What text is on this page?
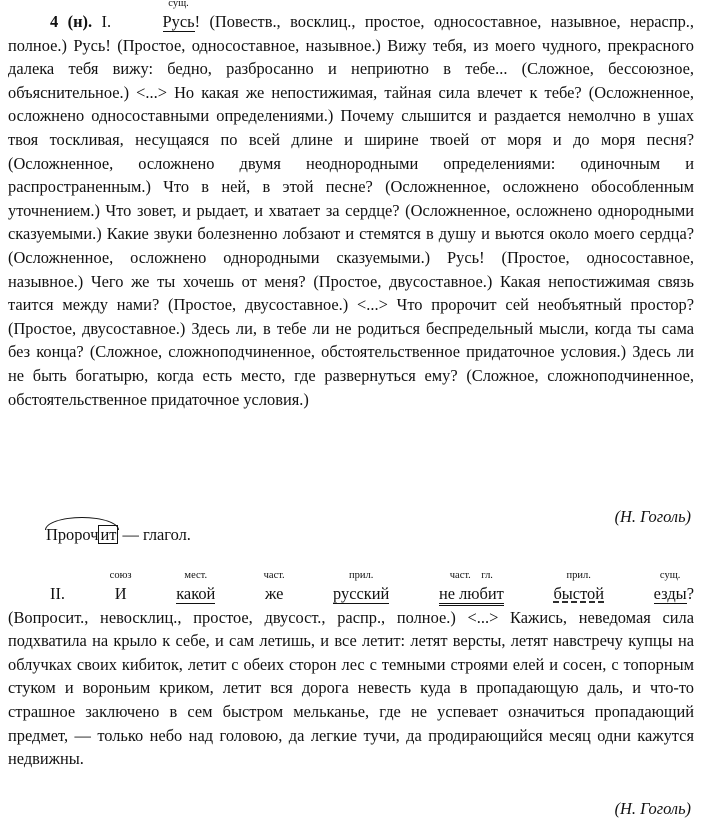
4 (н). I.
сущ.
Русь! (Повеств., восклиц., простое, односоставное, назывное, нераспр., полное.) Русь! (Простое, односоставное, назывное.) Вижу тебя, из моего чудного, прекрасного далека тебя вижу: бедно, разбросанно и неприютно в тебе... (Сложное, бессоюзное, объяснительное.) <...> Но какая же непостижимая, тайная сила влечет к тебе? (Осложненное, осложнено односоставными определениями.) Почему слышится и раздается немолчно в ушах твоя тоскливая, несущаяся по всей длине и ширине твоей от моря и до моря песня? (Осложненное, осложнено двумя неоднородными определениями: одиночным и распространенным.) Что в ней, в этой песне? (Осложненное, осложнено обособленным уточнением.) Что зовет, и рыдает, и хватает за сердце? (Осложненное, осложнено однородными сказуемыми.) Какие звуки болезненно лобзают и стемятся в душу и вьются около моего сердца? (Осложненное, осложнено однородными сказуемыми.) Русь! (Простое, односоставное, назывное.) Чего же ты хочешь от меня? (Простое, двусоставное.) Какая непостижимая связь таится между нами? (Простое, двусоставное.) <...> Что пророчит сей необъятный простор? (Простое, двусоставное.) Здесь ли, в тебе ли не родиться беспредельный мысли, когда ты сама без конца? (Сложное, сложноподчиненное, обстоятельственное придаточное условия.) Здесь ли не быть богатырю, когда есть место, где развернуться ему? (Сложное, сложноподчиненное, обстоятельственное придаточное условия.)

(Н. Гоголь)

Пророч ит — глагол.

II.
союз
И
мест.
какой
част.
же
прил.
русский
част.    гл.
не любит
прил.
быстой
сущ.
езды? (Вопросит., невосклиц., простое, двусост., распр., полное.) <...> Кажись, неведомая сила подхватила на крыло к себе, и сам летишь, и все летит: летят версты, летят навстречу купцы на облучках своих кибиток, летит с обеих сторон лес с темными строями елей и сосен, с топорным стуком и вороньим криком, летит вся дорога невесть куда в пропадающую даль, и что-то страшное заключено в сем быстром мельканье, где не успевает означиться пропадающий предмет, — только небо над головою, да легкие тучи, да продирающийся месяц одни кажутся недвижны.

(Н. Гоголь)
